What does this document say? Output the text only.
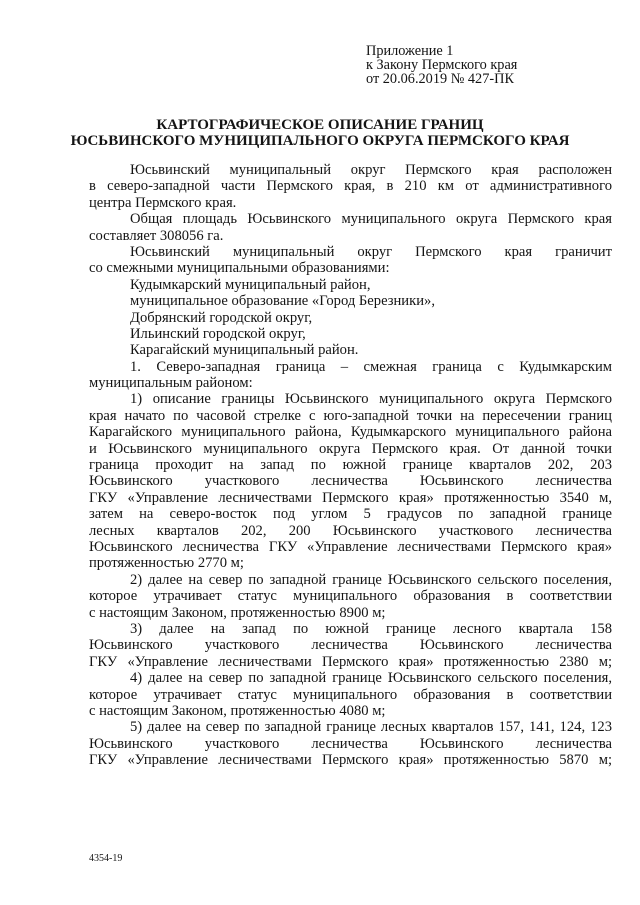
Приложение 1
к Закону Пермского края
от 20.06.2019 № 427-ПК
КАРТОГРАФИЧЕСКОЕ ОПИСАНИЕ ГРАНИЦ
ЮСЬВИНСКОГО МУНИЦИПАЛЬНОГО ОКРУГА ПЕРМСКОГО КРАЯ
Юсьвинский муниципальный округ Пермского края расположен
в северо-западной части Пермского края, в 210 км от административного
центра Пермского края.
Общая площадь Юсьвинского муниципального округа Пермского края
составляет 308056 га.
Юсьвинский муниципальный округ Пермского края граничит
со смежными муниципальными образованиями:
Кудымкарский муниципальный район,
муниципальное образование «Город Березники»,
Добрянский городской округ,
Ильинский городской округ,
Карагайский муниципальный район.
1. Северо-западная граница – смежная граница с Кудымкарским
муниципальным районом:
1) описание границы Юсьвинского муниципального округа Пермского
края начато по часовой стрелке с юго-западной точки на пересечении границ
Карагайского муниципального района, Кудымкарского муниципального района
и Юсьвинского муниципального округа Пермского края. От данной точки
граница проходит на запад по южной границе кварталов 202, 203
Юсьвинского участкового лесничества Юсьвинского лесничества
ГКУ «Управление лесничествами Пермского края» протяженностью 3540 м,
затем на северо-восток под углом 5 градусов по западной границе
лесных кварталов 202, 200 Юсьвинского участкового лесничества
Юсьвинского лесничества ГКУ «Управление лесничествами Пермского края»
протяженностью 2770 м;
2) далее на север по западной границе Юсьвинского сельского поселения,
которое утрачивает статус муниципального образования в соответствии
с настоящим Законом, протяженностью 8900 м;
3) далее на запад по южной границе лесного квартала 158
Юсьвинского участкового лесничества Юсьвинского лесничества
ГКУ «Управление лесничествами Пермского края» протяженностью 2380 м;
4) далее на север по западной границе Юсьвинского сельского поселения,
которое утрачивает статус муниципального образования в соответствии
с настоящим Законом, протяженностью 4080 м;
5) далее на север по западной границе лесных кварталов 157, 141, 124, 123
Юсьвинского участкового лесничества Юсьвинского лесничества
ГКУ «Управление лесничествами Пермского края» протяженностью 5870 м;
4354-19
